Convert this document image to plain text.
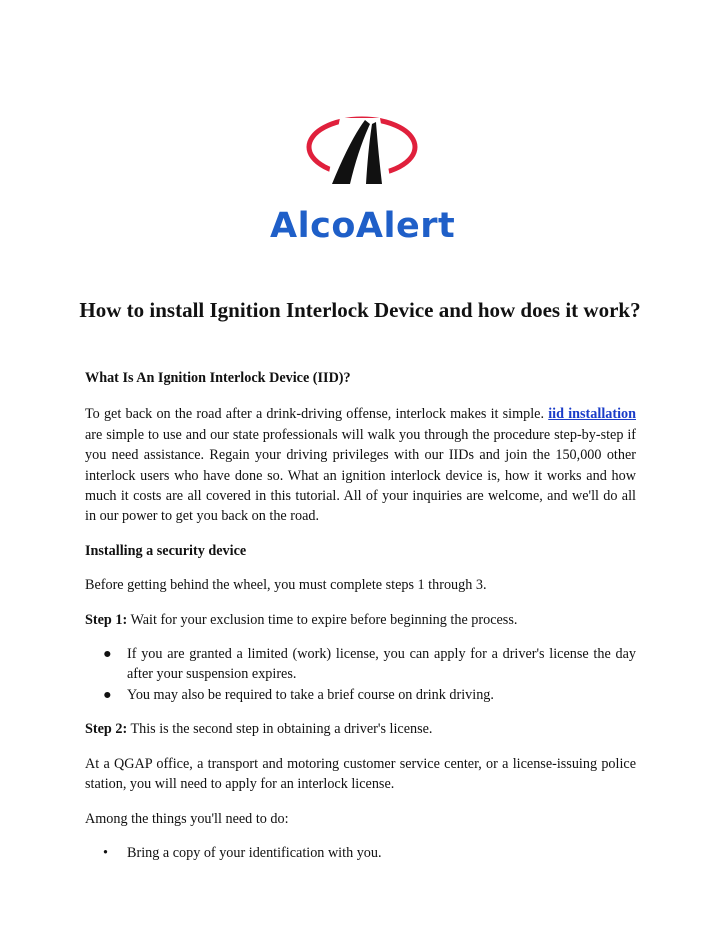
AlcoAlert
How to install Ignition Interlock Device and how does it work?

What Is An Ignition Interlock Device (IID)?

To get back on the road after a drink-driving offense, interlock makes it simple. iid installation are simple to use and our state professionals will walk you through the procedure step-by-step if you need assistance. Regain your driving privileges with our IIDs and join the 150,000 other interlock users who have done so. What an ignition interlock device is, how it works and how much it costs are all covered in this tutorial. All of your inquiries are welcome, and we'll do all in our power to get you back on the road.

Installing a security device

Before getting behind the wheel, you must complete steps 1 through 3.

Step 1: Wait for your exclusion time to expire before beginning the process.

● If you are granted a limited (work) license, you can apply for a driver's license the day after your suspension expires.
● You may also be required to take a brief course on drink driving.

Step 2: This is the second step in obtaining a driver's license.

At a QGAP office, a transport and motoring customer service center, or a license-issuing police station, you will need to apply for an interlock license.

Among the things you'll need to do:

• Bring a copy of your identification with you.
